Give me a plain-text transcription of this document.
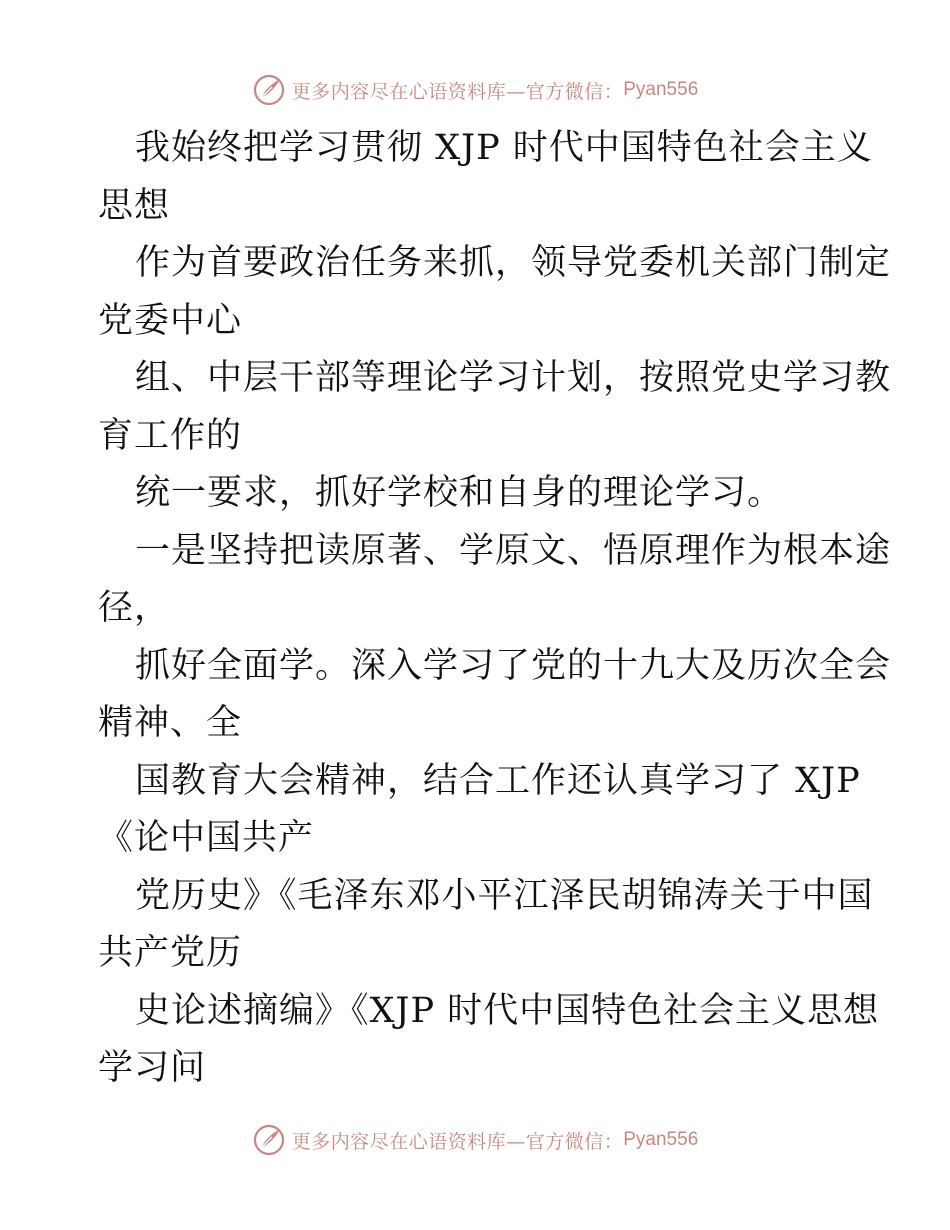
更多内容尽在心语资料库—官方微信： Pyan556
我始终把学习贯彻 XJP 时代中国特色社会主义
思想
作为首要政治任务来抓，领导党委机关部门制定
党委中心
组、中层干部等理论学习计划，按照党史学习教
育工作的
统一要求，抓好学校和自身的理论学习。
一是坚持把读原著、学原文、悟原理作为根本途
径，
抓好全面学。深入学习了党的十九大及历次全会
精神、全
国教育大会精神，结合工作还认真学习了 XJP
《论中国共产
党历史》《毛泽东邓小平江泽民胡锦涛关于中国
共产党历
史论述摘编》《XJP 时代中国特色社会主义思想
学习问
更多内容尽在心语资料库—官方微信： Pyan556
